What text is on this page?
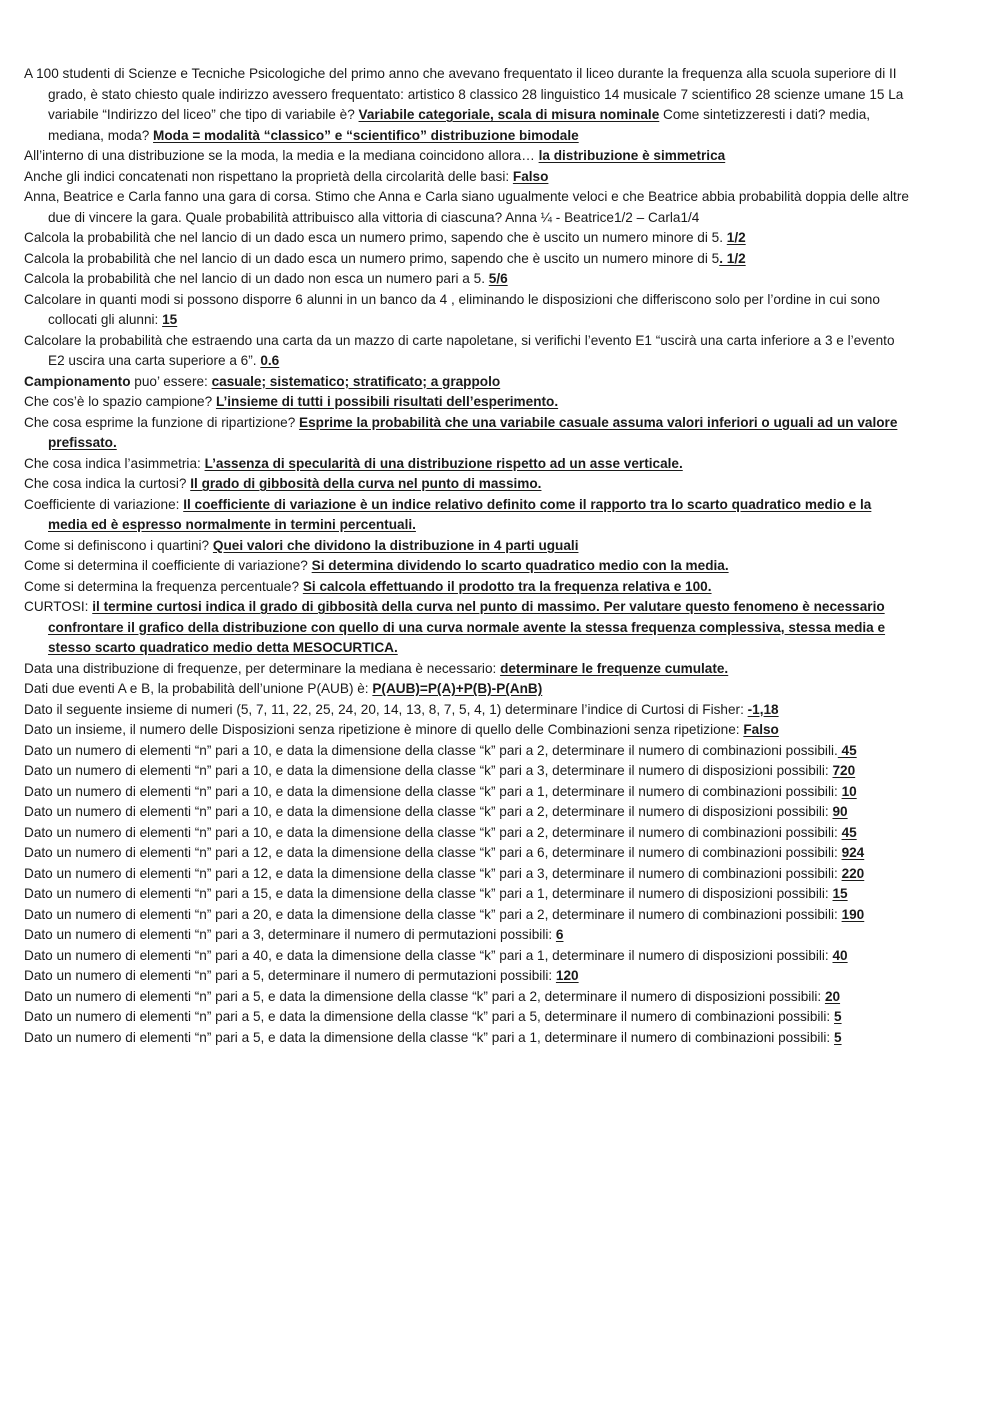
A 100 studenti di Scienze e Tecniche Psicologiche del primo anno che avevano frequentato il liceo durante la frequenza alla scuola superiore di II grado, è stato chiesto quale indirizzo avessero frequentato: artistico 8 classico 28 linguistico 14 musicale 7 scientifico 28 scienze umane 15 La variabile “Indirizzo del liceo” che tipo di variabile è? Variabile categoriale, scala di misura nominale Come sintetizzeresti i dati? media, mediana, moda? Moda = modalità “classico” e “scientifico” distribuzione bimodale

All’interno di una distribuzione se la moda, la media e la mediana coincidono allora… la distribuzione è simmetrica

Anche gli indici concatenati non rispettano la proprietà della circolarità delle basi: Falso

Anna, Beatrice e Carla fanno una gara di corsa. Stimo che Anna e Carla siano ugualmente veloci e che Beatrice abbia probabilità doppia delle altre due di vincere la gara. Quale probabilità attribuisco alla vittoria di ciascuna? Anna ¼ - Beatrice1/2 – Carla1/4

Calcola la probabilità che nel lancio di un dado esca un numero primo, sapendo che è uscito un numero minore di 5. 1/2

Calcola la probabilità che nel lancio di un dado esca un numero primo, sapendo che è uscito un numero minore di 5. 1/2

Calcola la probabilità che nel lancio di un dado non esca un numero pari a 5. 5/6

Calcolare in quanti modi si possono disporre 6 alunni in un banco da 4 , eliminando le disposizioni che differiscono solo per l’ordine in cui sono collocati gli alunni: 15

Calcolare la probabilità che estraendo una carta da un mazzo di carte napoletane, si verifichi l’evento E1 “uscirà una carta inferiore a 3 e l’evento E2 uscira una carta superiore a 6”. 0.6

Campionamento puo’ essere: casuale; sistematico; stratificato; a grappolo

Che cos’è lo spazio campione? L’insieme di tutti i possibili risultati dell’esperimento.

Che cosa esprime la funzione di ripartizione? Esprime la probabilità che una variabile casuale assuma valori inferiori o uguali ad un valore prefissato.

Che cosa indica l’asimmetria: L’assenza di specularità di una distribuzione rispetto ad un asse verticale.

Che cosa indica la curtosi? Il grado di gibbosità della curva nel punto di massimo.

Coefficiente di variazione: Il coefficiente di variazione è un indice relativo definito come il rapporto tra lo scarto quadratico medio e la media ed è espresso normalmente in termini percentuali.

Come si definiscono i quartini? Quei valori che dividono la distribuzione in 4 parti uguali

Come si determina il coefficiente di variazione? Si determina dividendo lo scarto quadratico medio con la media.

Come si determina la frequenza percentuale? Si calcola effettuando il prodotto tra la frequenza relativa e 100.

CURTOSI: il termine curtosi indica il grado di gibbosità della curva nel punto di massimo. Per valutare questo fenomeno è necessario confrontare il grafico della distribuzione con quello di una curva normale avente la stessa frequenza complessiva, stessa media e stesso scarto quadratico medio detta MESOCURTICA.

Data una distribuzione di frequenze, per determinare la mediana è necessario: determinare le frequenze cumulate.

Dati due eventi A e B, la probabilità dell’unione P(AUB) è: P(AUB)=P(A)+P(B)-P(AnB)

Dato il seguente insieme di numeri (5, 7, 11, 22, 25, 24, 20, 14, 13, 8, 7, 5, 4, 1) determinare l’indice di Curtosi di Fisher: -1,18

Dato un insieme, il numero delle Disposizioni senza ripetizione è minore di quello delle Combinazioni senza ripetizione: Falso

Dato un numero di elementi “n” pari a 10, e data la dimensione della classe “k” pari a 2, determinare il numero di combinazioni possibili. 45

Dato un numero di elementi “n” pari a 10, e data la dimensione della classe “k” pari a 3, determinare il numero di disposizioni possibili: 720

Dato un numero di elementi “n” pari a 10, e data la dimensione della classe “k” pari a 1, determinare il numero di combinazioni possibili: 10

Dato un numero di elementi “n” pari a 10, e data la dimensione della classe “k” pari a 2, determinare il numero di disposizioni possibili: 90

Dato un numero di elementi “n” pari a 10, e data la dimensione della classe “k” pari a 2, determinare il numero di combinazioni possibili: 45

Dato un numero di elementi “n” pari a 12, e data la dimensione della classe “k” pari a 6, determinare il numero di combinazioni possibili: 924

Dato un numero di elementi “n” pari a 12, e data la dimensione della classe “k” pari a 3, determinare il numero di combinazioni possibili: 220

Dato un numero di elementi “n” pari a 15, e data la dimensione della classe “k” pari a 1, determinare il numero di disposizioni possibili: 15

Dato un numero di elementi “n” pari a 20, e data la dimensione della classe “k” pari a 2, determinare il numero di combinazioni possibili: 190

Dato un numero di elementi “n” pari a 3, determinare il numero di permutazioni possibili: 6

Dato un numero di elementi “n” pari a 40, e data la dimensione della classe “k” pari a 1, determinare il numero di disposizioni possibili: 40

Dato un numero di elementi “n” pari a 5, determinare il numero di permutazioni possibili: 120

Dato un numero di elementi “n” pari a 5, e data la dimensione della classe “k” pari a 2, determinare il numero di disposizioni possibili: 20

Dato un numero di elementi “n” pari a 5, e data la dimensione della classe “k” pari a 5, determinare il numero di combinazioni possibili: 5

Dato un numero di elementi “n” pari a 5, e data la dimensione della classe “k” pari a 1, determinare il numero di combinazioni possibili: 5
